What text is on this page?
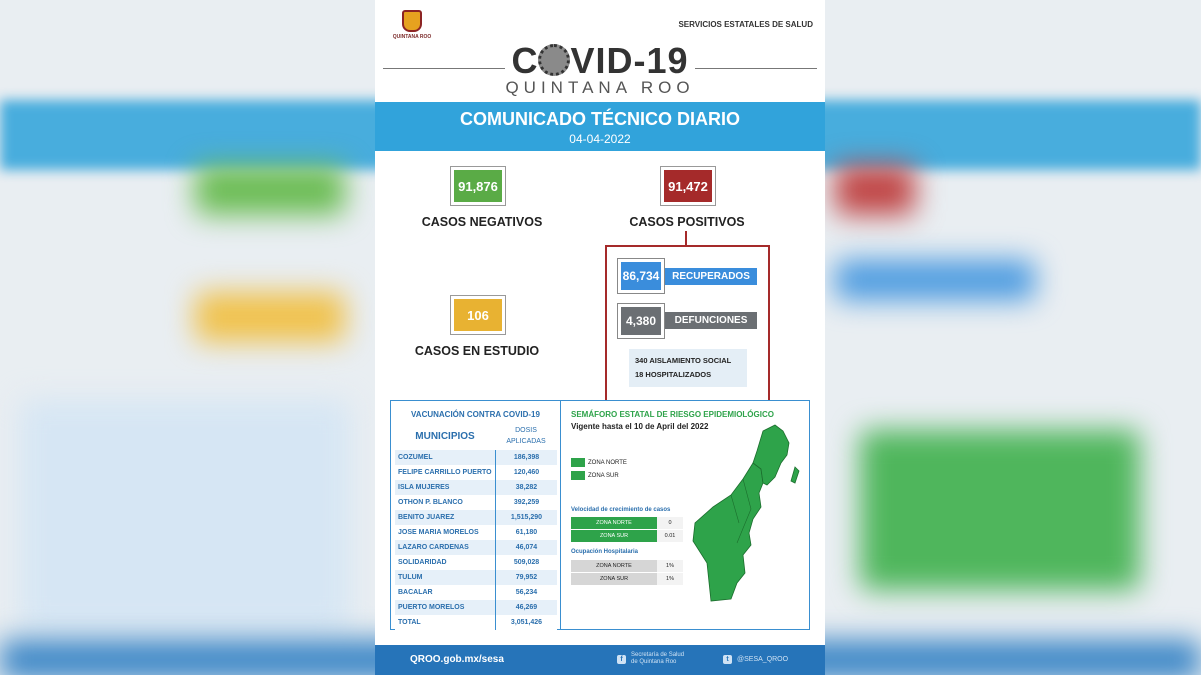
QUINTANA ROO
SERVICIOS ESTATALES DE SALUD
C VID-19
QUINTANA ROO
COMUNICADO TÉCNICO DIARIO
04-04-2022
91,876
CASOS NEGATIVOS
91,472
CASOS POSITIVOS
106
CASOS EN ESTUDIO
86,734	RECUPERADOS
4,380	DEFUNCIONES
340 AISLAMIENTO SOCIAL
18 HOSPITALIZADOS
VACUNACIÓN CONTRA COVID-19
MUNICIPIOS	DOSIS APLICADAS
COZUMEL	186,398
FELIPE CARRILLO PUERTO	120,460
ISLA MUJERES	38,282
OTHON P. BLANCO	392,259
BENITO JUAREZ	1,515,290
JOSE MARIA MORELOS	61,180
LAZARO CARDENAS	46,074
SOLIDARIDAD	509,028
TULUM	79,952
BACALAR	56,234
PUERTO MORELOS	46,269
TOTAL	3,051,426
SEMÁFORO ESTATAL DE RIESGO EPIDEMIOLÓGICO
Vigente hasta el 10 de April del 2022
ZONA NORTE
ZONA SUR
Velocidad de crecimiento de casos
ZONA NORTE	0
ZONA SUR	0.01
Ocupación Hospitalaria
ZONA NORTE	1%
ZONA SUR	1%
QROO.gob.mx/sesa	f
Secretaría de Salud
de Quintana Roo	t	@SESA_QROO
